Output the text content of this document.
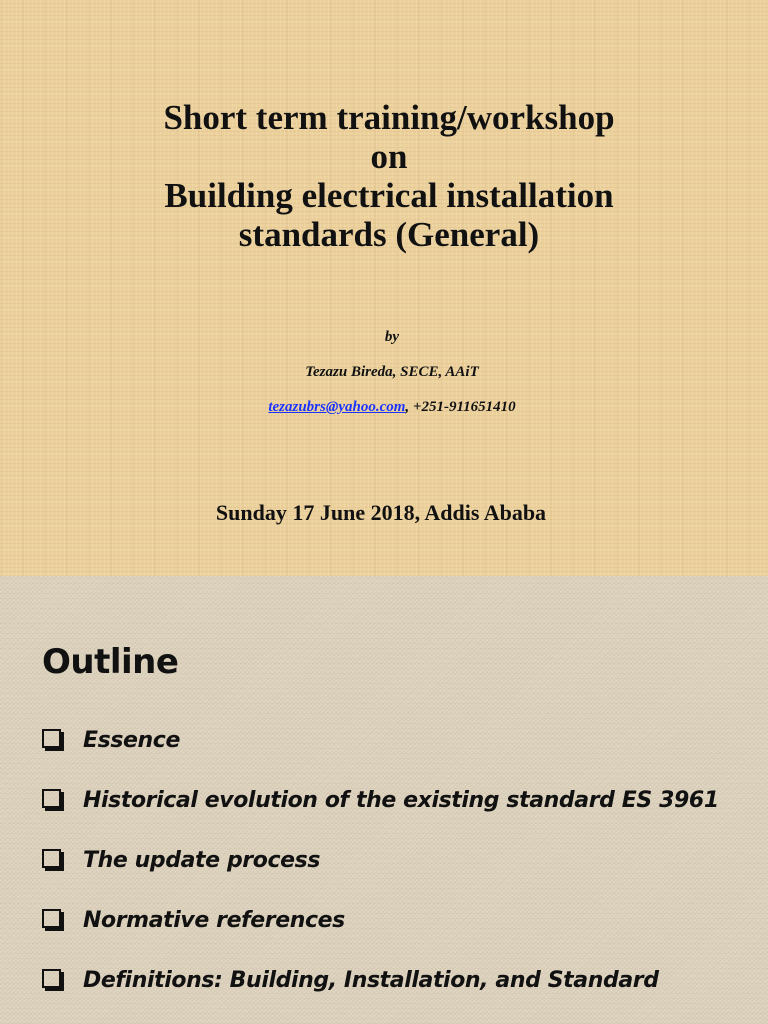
Short term training/workshop
on
Building electrical installation
standards (General)
by
Tezazu Bireda, SECE, AAiT
tezazubrs@yahoo.com, +251-911651410
Sunday 17 June 2018, Addis Ababa
Outline
Essence
Historical evolution of the existing standard ES 3961
The update process
Normative references
Definitions: Building, Installation, and Standard
